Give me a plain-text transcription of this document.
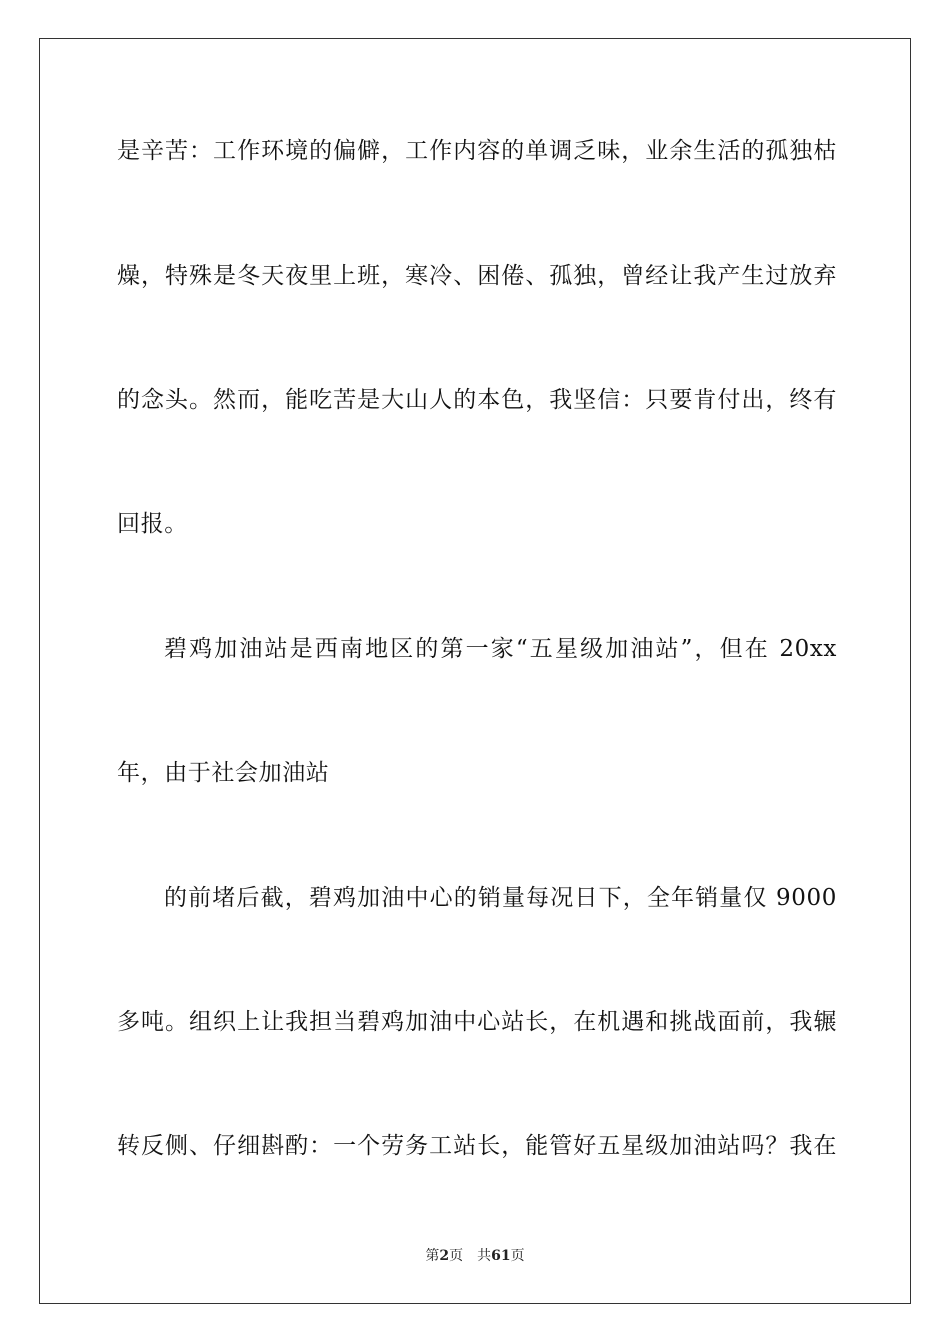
是辛苦：工作环境的偏僻，工作内容的单调乏味，业余生活的孤独枯
燥，特殊是冬天夜里上班，寒冷、困倦、孤独，曾经让我产生过放弃
的念头。然而，能吃苦是大山人的本色，我坚信：只要肯付出，终有
回报。
碧鸡加油站是西南地区的第一家“五星级加油站”，但在 20xx
年，由于社会加油站
的前堵后截，碧鸡加油中心的销量每况日下，全年销量仅 9000
多吨。组织上让我担当碧鸡加油中心站长，在机遇和挑战面前，我辗
转反侧、仔细斟酌：一个劳务工站长，能管好五星级加油站吗？我在
第2页 共61页
